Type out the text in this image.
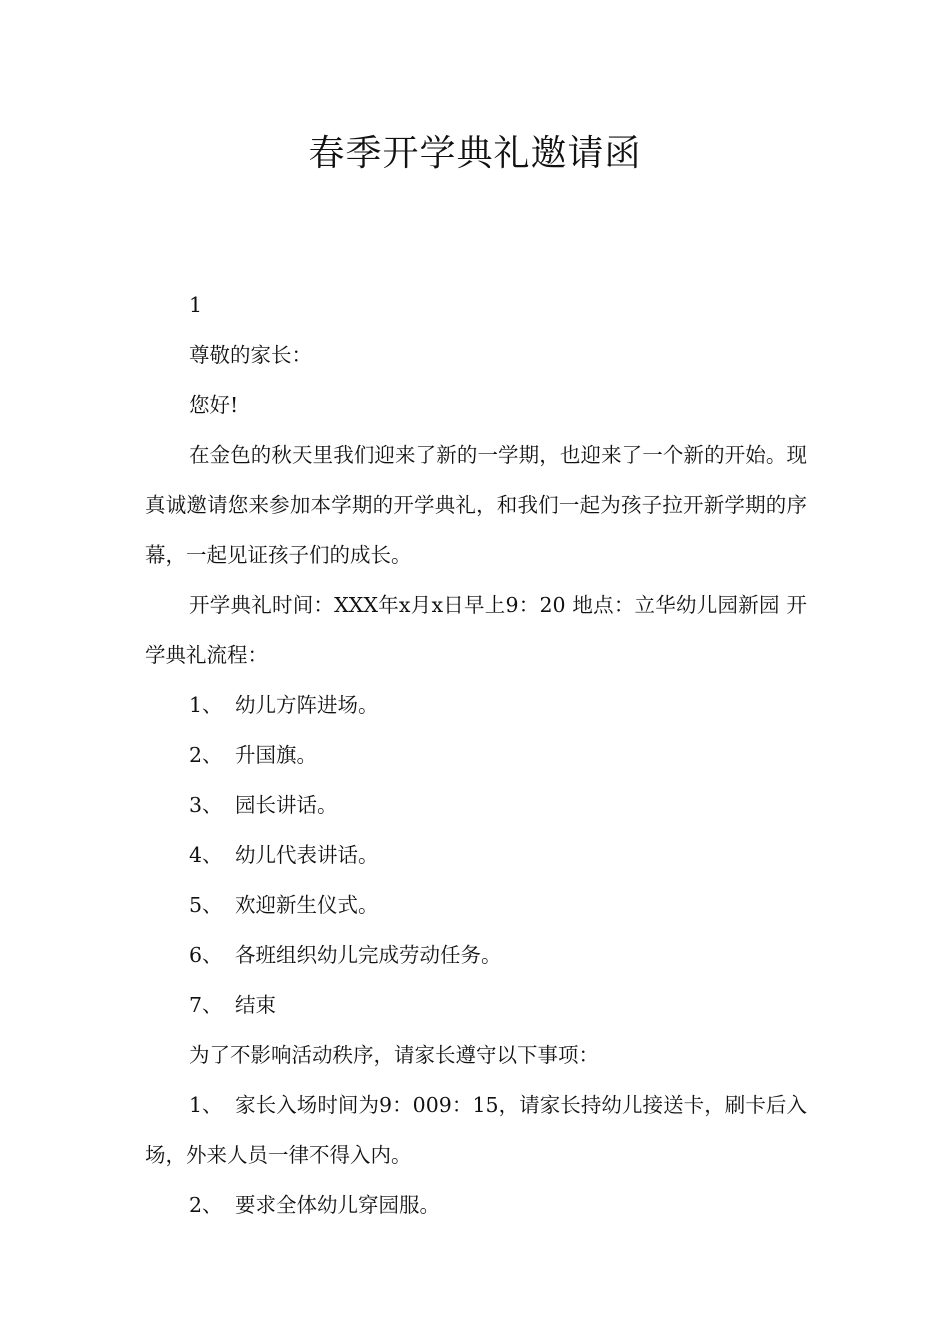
春季开学典礼邀请函

1

尊敬的家长：

您好!

在金色的秋天里我们迎来了新的一学期，也迎来了一个新的开始。现真诚邀请您来参加本学期的开学典礼，和我们一起为孩子拉开新学期的序幕，一起见证孩子们的成长。

开学典礼时间：XXX年x月x日早上9：20 地点：立华幼儿园新园 开学典礼流程：

1、 幼儿方阵进场。

2、 升国旗。

3、 园长讲话。

4、 幼儿代表讲话。

5、 欢迎新生仪式。

6、 各班组织幼儿完成劳动任务。

7、 结束

为了不影响活动秩序，请家长遵守以下事项：

1、 家长入场时间为9：009：15，请家长持幼儿接送卡，刷卡后入场，外来人员一律不得入内。

2、 要求全体幼儿穿园服。
